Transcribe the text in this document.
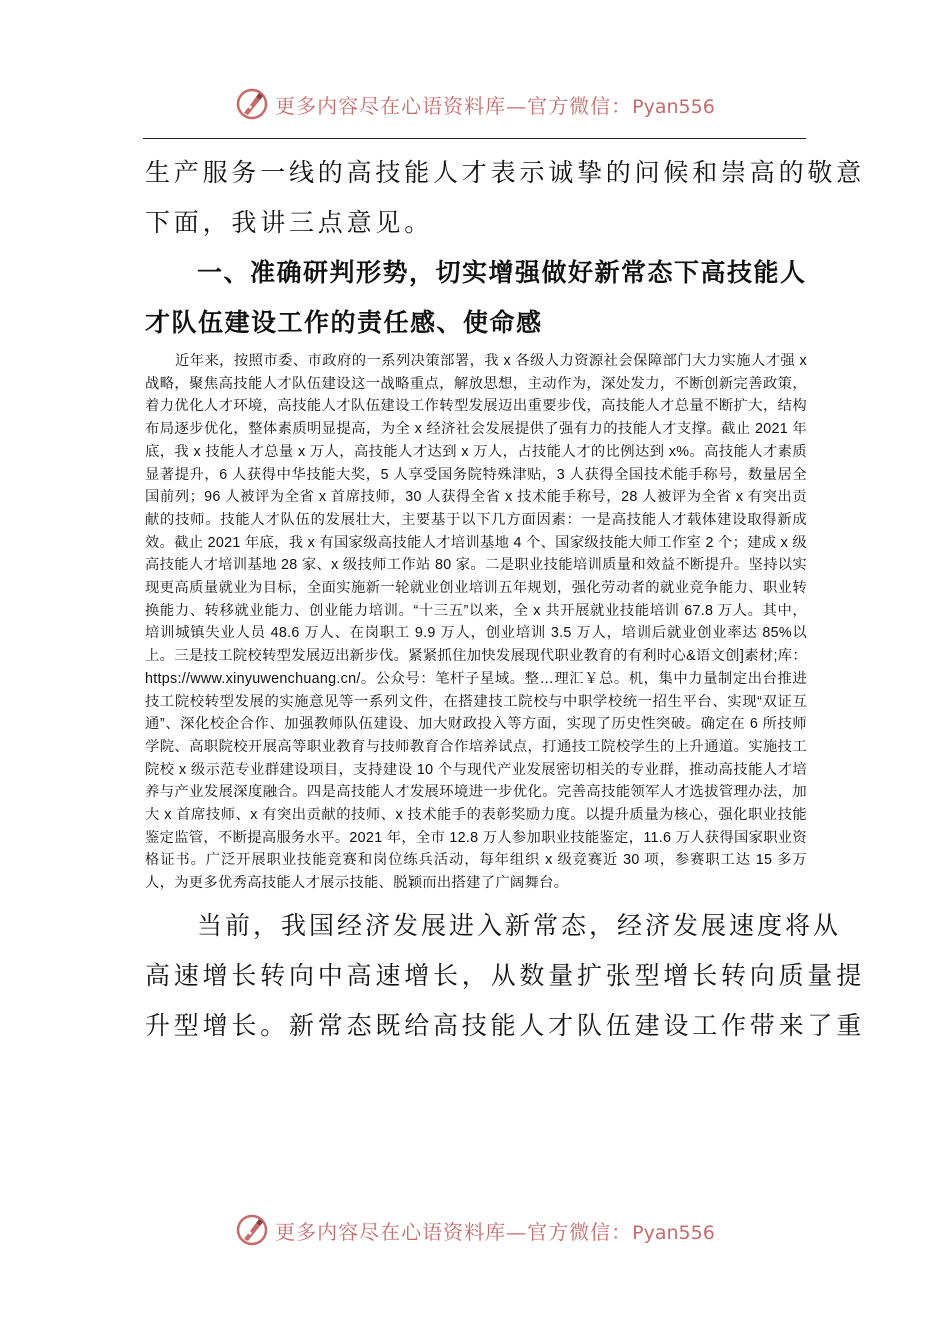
更多内容尽在心语资料库—官方微信：Pyan556

生产服务一线的高技能人才表示诚挚的问候和崇高的敬意

下面，我讲三点意见。

一、准确研判形势，切实增强做好新常态下高技能人
才队伍建设工作的责任感、使命感

近年来，按照市委、市政府的一系列决策部署，我 x 各级人力资源社会保障部门大力实施人才强 x 战略，聚焦高技能人才队伍建设这一战略重点，解放思想，主动作为，深处发力，不断创新完善政策，着力优化人才环境，高技能人才队伍建设工作转型发展迈出重要步伐，高技能人才总量不断扩大，结构布局逐步优化，整体素质明显提高，为全 x 经济社会发展提供了强有力的技能人才支撑。截止 2021 年底，我 x 技能人才总量 x 万人，高技能人才达到 x 万人，占技能人才的比例达到 x%。高技能人才素质显著提升，6 人获得中华技能大奖，5 人享受国务院特殊津贴，3 人获得全国技术能手称号，数量居全国前列；96 人被评为全省 x 首席技师，30 人获得全省 x 技术能手称号，28 人被评为全省 x 有突出贡献的技师。技能人才队伍的发展壮大，主要基于以下几方面因素：一是高技能人才载体建设取得新成效。截止 2021 年底，我 x 有国家级高技能人才培训基地 4 个、国家级技能大师工作室 2 个；建成 x 级高技能人才培训基地 28 家、x 级技师工作站 80 家。二是职业技能培训质量和效益不断提升。坚持以实现更高质量就业为目标，全面实施新一轮就业创业培训五年规划，强化劳动者的就业竞争能力、职业转换能力、转移就业能力、创业能力培训。“十三五”以来，全 x 共开展就业技能培训 67.8 万人。其中，培训城镇失业人员 48.6 万人、在岗职工 9.9 万人，创业培训 3.5 万人，培训后就业创业率达 85%以上。三是技工院校转型发展迈出新步伐。紧紧抓住加快发展现代职业教育的有利时心&语文创]素材;库：https://www.xinyuwenchuang.cn/。公众号：笔杆子星域。整…理汇￥总。机，集中力量制定出台推进技工院校转型发展的实施意见等一系列文件，在搭建技工院校与中职学校统一招生平台、实现“双证互通”、深化校企合作、加强教师队伍建设、加大财政投入等方面，实现了历史性突破。确定在 6 所技师学院、高职院校开展高等职业教育与技师教育合作培养试点，打通技工院校学生的上升通道。实施技工院校 x 级示范专业群建设项目，支持建设 10 个与现代产业发展密切相关的专业群，推动高技能人才培养与产业发展深度融合。四是高技能人才发展环境进一步优化。完善高技能领军人才选拔管理办法，加大 x 首席技师、x 有突出贡献的技师、x 技术能手的表彰奖励力度。以提升质量为核心，强化职业技能鉴定监管，不断提高服务水平。2021 年，全市 12.8 万人参加职业技能鉴定，11.6 万人获得国家职业资格证书。广泛开展职业技能竞赛和岗位练兵活动，每年组织 x 级竞赛近 30 项，参赛职工达 15 多万人，为更多优秀高技能人才展示技能、脱颖而出搭建了广阔舞台。

当前，我国经济发展进入新常态，经济发展速度将从

高速增长转向中高速增长，从数量扩张型增长转向质量提

升型增长。新常态既给高技能人才队伍建设工作带来了重

更多内容尽在心语资料库—官方微信：Pyan556
